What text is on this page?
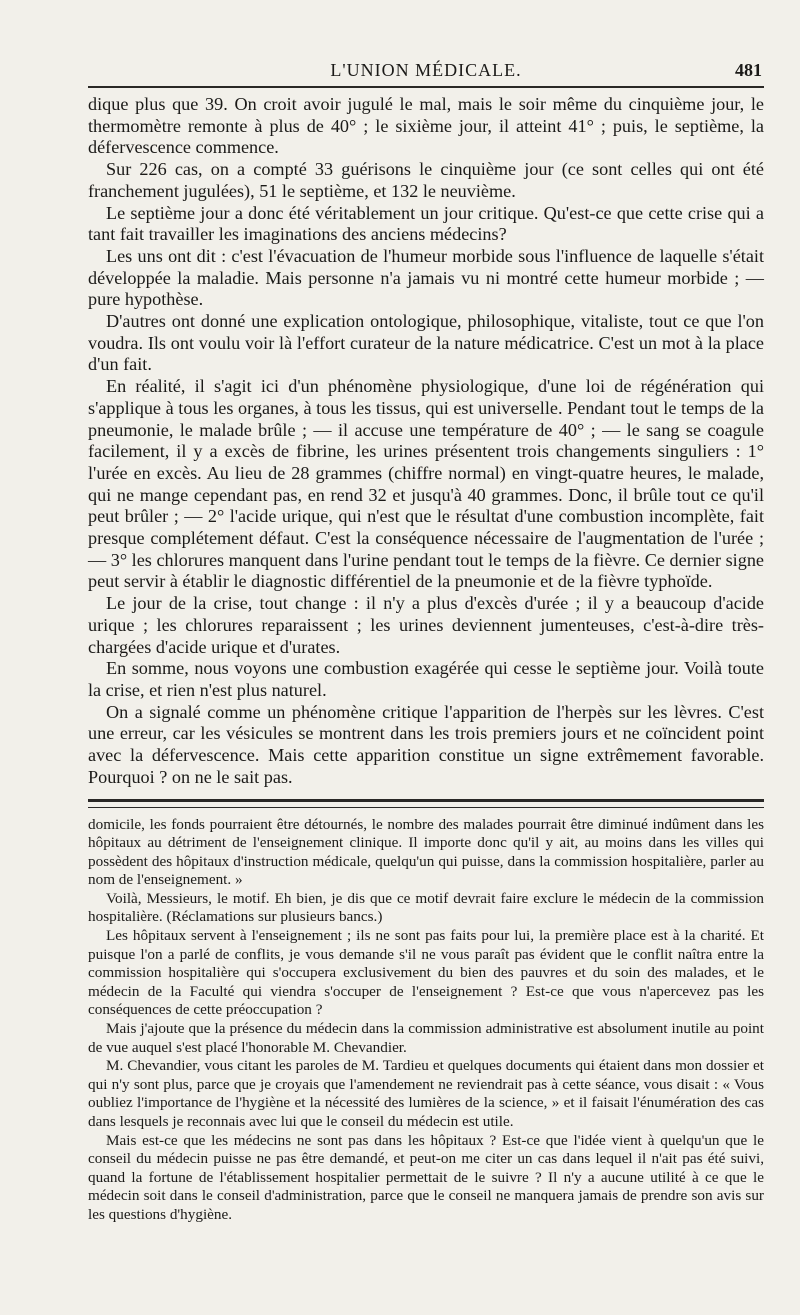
L'UNION MÉDICALE.	481

dique plus que 39. On croit avoir jugulé le mal, mais le soir même du cinquième jour, le thermomètre remonte à plus de 40° ; le sixième jour, il atteint 41° ; puis, le septième, la défervescence commence.

Sur 226 cas, on a compté 33 guérisons le cinquième jour (ce sont celles qui ont été franchement jugulées), 51 le septième, et 132 le neuvième.

Le septième jour a donc été véritablement un jour critique. Qu'est-ce que cette crise qui a tant fait travailler les imaginations des anciens médecins?

Les uns ont dit : c'est l'évacuation de l'humeur morbide sous l'influence de laquelle s'était développée la maladie. Mais personne n'a jamais vu ni montré cette humeur morbide ; — pure hypothèse.

D'autres ont donné une explication ontologique, philosophique, vitaliste, tout ce que l'on voudra. Ils ont voulu voir là l'effort curateur de la nature médicatrice. C'est un mot à la place d'un fait.

En réalité, il s'agit ici d'un phénomène physiologique, d'une loi de régénération qui s'applique à tous les organes, à tous les tissus, qui est universelle. Pendant tout le temps de la pneumonie, le malade brûle ; — il accuse une température de 40° ; — le sang se coagule facilement, il y a excès de fibrine, les urines présentent trois changements singuliers : 1° l'urée en excès. Au lieu de 28 grammes (chiffre normal) en vingt-quatre heures, le malade, qui ne mange cependant pas, en rend 32 et jusqu'à 40 grammes. Donc, il brûle tout ce qu'il peut brûler ; — 2° l'acide urique, qui n'est que le résultat d'une combustion incomplète, fait presque complétement défaut. C'est la conséquence nécessaire de l'augmentation de l'urée ; — 3° les chlorures manquent dans l'urine pendant tout le temps de la fièvre. Ce dernier signe peut servir à établir le diagnostic différentiel de la pneumonie et de la fièvre typhoïde.

Le jour de la crise, tout change : il n'y a plus d'excès d'urée ; il y a beaucoup d'acide urique ; les chlorures reparaissent ; les urines deviennent jumenteuses, c'est-à-dire très-chargées d'acide urique et d'urates.

En somme, nous voyons une combustion exagérée qui cesse le septième jour. Voilà toute la crise, et rien n'est plus naturel.

On a signalé comme un phénomène critique l'apparition de l'herpès sur les lèvres. C'est une erreur, car les vésicules se montrent dans les trois premiers jours et ne coïncident point avec la défervescence. Mais cette apparition constitue un signe extrêmement favorable. Pourquoi ? on ne le sait pas.

domicile, les fonds pourraient être détournés, le nombre des malades pourrait être diminué indûment dans les hôpitaux au détriment de l'enseignement clinique. Il importe donc qu'il y ait, au moins dans les villes qui possèdent des hôpitaux d'instruction médicale, quelqu'un qui puisse, dans la commission hospitalière, parler au nom de l'enseignement. »

Voilà, Messieurs, le motif. Eh bien, je dis que ce motif devrait faire exclure le médecin de la commission hospitalière. (Réclamations sur plusieurs bancs.)

Les hôpitaux servent à l'enseignement ; ils ne sont pas faits pour lui, la première place est à la charité. Et puisque l'on a parlé de conflits, je vous demande s'il ne vous paraît pas évident que le conflit naîtra entre la commission hospitalière qui s'occupera exclusivement du bien des pauvres et du soin des malades, et le médecin de la Faculté qui viendra s'occuper de l'enseignement ? Est-ce que vous n'apercevez pas les conséquences de cette préoccupation ?

Mais j'ajoute que la présence du médecin dans la commission administrative est absolument inutile au point de vue auquel s'est placé l'honorable M. Chevandier.

M. Chevandier, vous citant les paroles de M. Tardieu et quelques documents qui étaient dans mon dossier et qui n'y sont plus, parce que je croyais que l'amendement ne reviendrait pas à cette séance, vous disait : « Vous oubliez l'importance de l'hygiène et la nécessité des lumières de la science, » et il faisait l'énumération des cas dans lesquels je reconnais avec lui que le conseil du médecin est utile.

Mais est-ce que les médecins ne sont pas dans les hôpitaux ? Est-ce que l'idée vient à quelqu'un que le conseil du médecin puisse ne pas être demandé, et peut-on me citer un cas dans lequel il n'ait pas été suivi, quand la fortune de l'établissement hospitalier permettait de le suivre ? Il n'y a aucune utilité à ce que le médecin soit dans le conseil d'administration, parce que le conseil ne manquera jamais de prendre son avis sur les questions d'hygiène.
